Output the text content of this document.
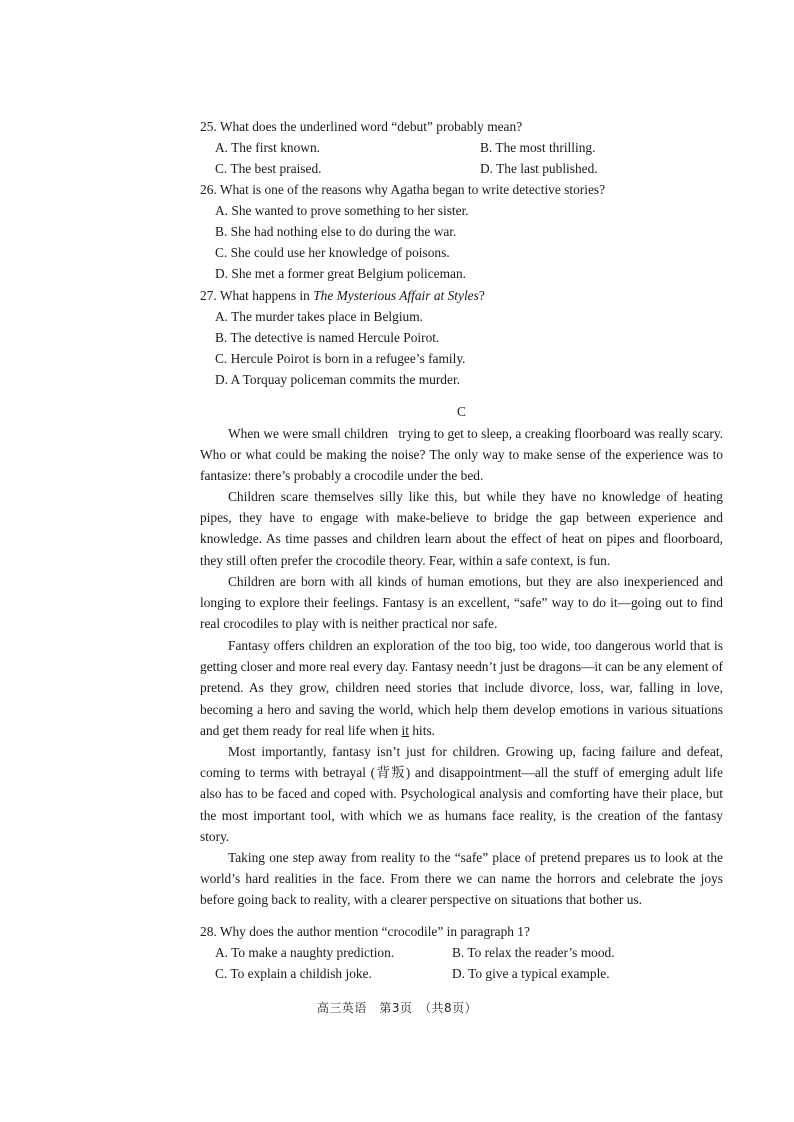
25. What does the underlined word “debut” probably mean?
A. The first known.	B. The most thrilling.
C. The best praised.	D. The last published.
26. What is one of the reasons why Agatha began to write detective stories?
A. She wanted to prove something to her sister.
B. She had nothing else to do during the war.
C. She could use her knowledge of poisons.
D. She met a former great Belgium policeman.
27. What happens in The Mysterious Affair at Styles?
A. The murder takes place in Belgium.
B. The detective is named Hercule Poirot.
C. Hercule Poirot is born in a refugee’s family.
D. A Torquay policeman commits the murder.
C
When we were small children   trying to get to sleep, a creaking floorboard was really scary. Who or what could be making the noise? The only way to make sense of the experience was to fantasize: there’s probably a crocodile under the bed.
Children scare themselves silly like this, but while they have no knowledge of heating pipes, they have to engage with make-believe to bridge the gap between experience and knowledge. As time passes and children learn about the effect of heat on pipes and floorboard, they still often prefer the crocodile theory. Fear, within a safe context, is fun.
Children are born with all kinds of human emotions, but they are also inexperienced and longing to explore their feelings. Fantasy is an excellent, “safe” way to do it—going out to find real crocodiles to play with is neither practical nor safe.
Fantasy offers children an exploration of the too big, too wide, too dangerous world that is getting closer and more real every day. Fantasy needn’t just be dragons—it can be any element of pretend. As they grow, children need stories that include divorce, loss, war, falling in love, becoming a hero and saving the world, which help them develop emotions in various situations and get them ready for real life when it hits.
Most importantly, fantasy isn’t just for children. Growing up, facing failure and defeat, coming to terms with betrayal (背叛) and disappointment—all the stuff of emerging adult life also has to be faced and coped with. Psychological analysis and comforting have their place, but the most important tool, with which we as humans face reality, is the creation of the fantasy story.
Taking one step away from reality to the “safe” place of pretend prepares us to look at the world’s hard realities in the face. From there we can name the horrors and celebrate the joys before going back to reality, with a clearer perspective on situations that bother us.
28. Why does the author mention “crocodile” in paragraph 1?
A. To make a naughty prediction.	B. To relax the reader’s mood.
C. To explain a childish joke.	D. To give a typical example.
高三英语　第3页　（共8页）
